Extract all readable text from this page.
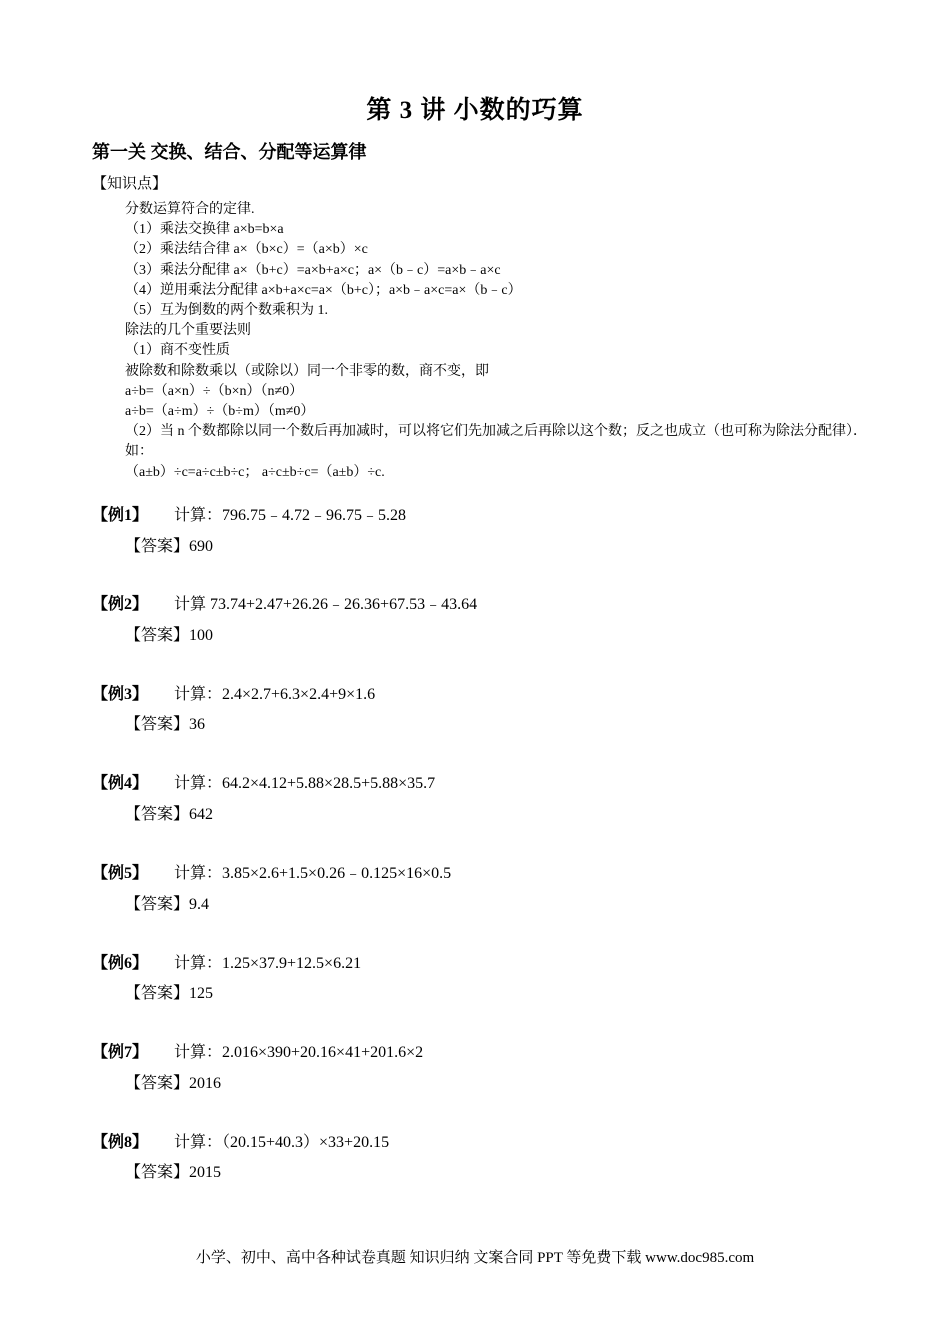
第 3 讲 小数的巧算
第一关 交换、结合、分配等运算律
【知识点】
分数运算符合的定律.
（1）乘法交换律 a×b=b×a
（2）乘法结合律 a×（b×c）=（a×b）×c
（3）乘法分配律 a×（b+c）=a×b+a×c；a×（b﹣c）=a×b﹣a×c
（4）逆用乘法分配律 a×b+a×c=a×（b+c）；a×b﹣a×c=a×（b﹣c）
（5）互为倒数的两个数乘积为 1.
除法的几个重要法则
（1）商不变性质
被除数和除数乘以（或除以）同一个非零的数，商不变，即
a÷b=（a×n）÷（b×n）（n≠0）
a÷b=（a÷m）÷（b÷m）（m≠0）
（2）当 n 个数都除以同一个数后再加减时，可以将它们先加减之后再除以这个数；反之也成立（也可称为除法分配律）．如：
（a±b）÷c=a÷c±b÷c； a÷c±b÷c=（a±b）÷c.
【例1】 计算：796.75﹣4.72﹣96.75﹣5.28
【答案】690
【例2】 计算 73.74+2.47+26.26﹣26.36+67.53﹣43.64
【答案】100
【例3】 计算：2.4×2.7+6.3×2.4+9×1.6
【答案】36
【例4】 计算：64.2×4.12+5.88×28.5+5.88×35.7
【答案】642
【例5】 计算：3.85×2.6+1.5×0.26﹣0.125×16×0.5
【答案】9.4
【例6】 计算：1.25×37.9+12.5×6.21
【答案】125
【例7】 计算：2.016×390+20.16×41+201.6×2
【答案】2016
【例8】 计算：（20.15+40.3）×33+20.15
【答案】2015
小学、初中、高中各种试卷真题 知识归纳 文案合同 PPT 等免费下载 www.doc985.com
